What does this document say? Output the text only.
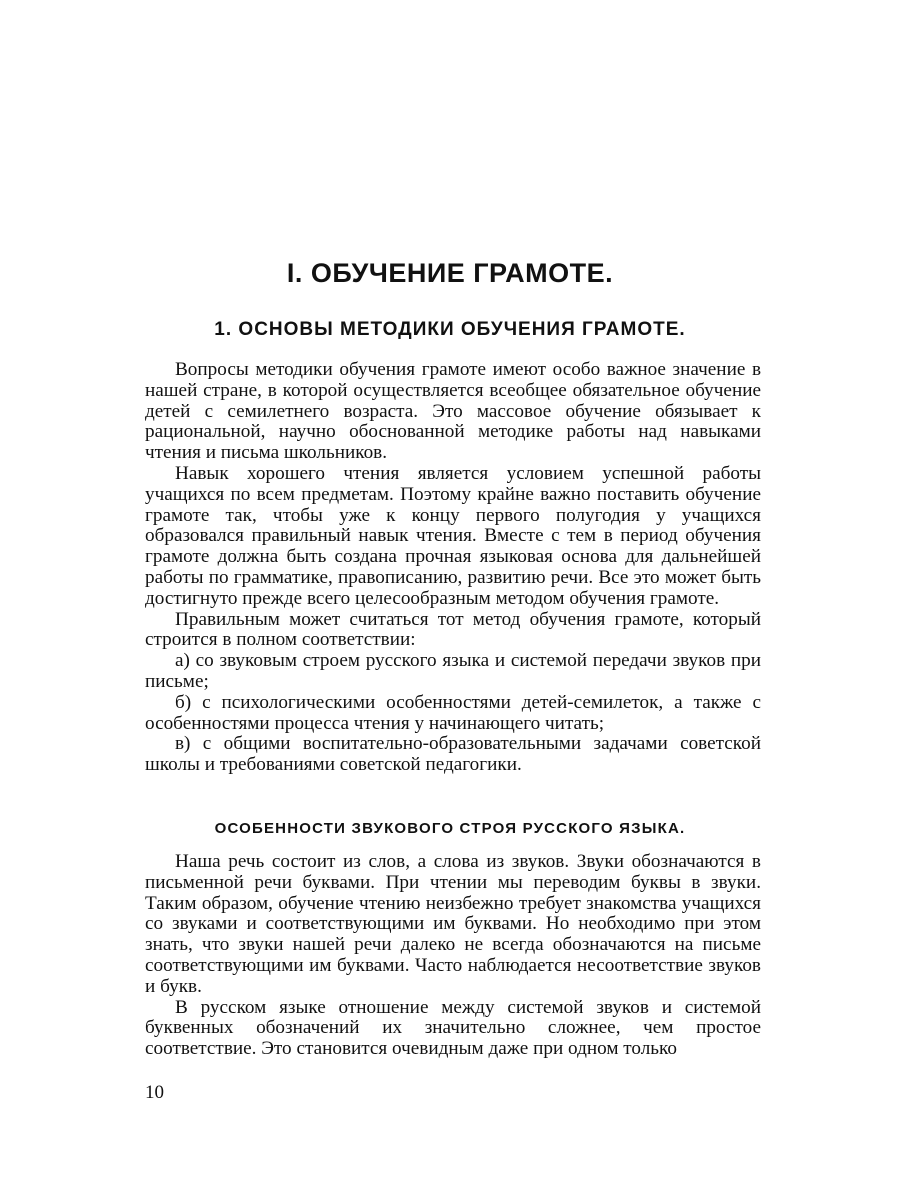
I. ОБУЧЕНИЕ ГРАМОТЕ.
1. ОСНОВЫ МЕТОДИКИ ОБУЧЕНИЯ ГРАМОТЕ.

Вопросы методики обучения грамоте имеют особо важное значение в нашей стране, в которой осуществляется всеобщее обязательное обучение детей с семилетнего возраста. Это массовое обучение обязывает к рациональной, научно обоснованной методике работы над навыками чтения и письма школьников.

Навык хорошего чтения является условием успешной работы учащихся по всем предметам. Поэтому крайне важно поставить обучение грамоте так, чтобы уже к концу первого полугодия у учащихся образовался правильный навык чтения. Вместе с тем в период обучения грамоте должна быть создана прочная языковая основа для дальнейшей работы по грамматике, правописанию, развитию речи. Все это может быть достигнуто прежде всего целесообразным методом обучения грамоте.

Правильным может считаться тот метод обучения грамоте, который строится в полном соответствии:

а) со звуковым строем русского языка и системой передачи звуков при письме;

б) с психологическими особенностями детей-семилеток, а также с особенностями процесса чтения у начинающего читать;

в) с общими воспитательно-образовательными задачами советской школы и требованиями советской педагогики.

ОСОБЕННОСТИ ЗВУКОВОГО СТРОЯ РУССКОГО ЯЗЫКА.

Наша речь состоит из слов, а слова из звуков. Звуки обозначаются в письменной речи буквами. При чтении мы переводим буквы в звуки. Таким образом, обучение чтению неизбежно требует знакомства учащихся со звуками и соответствующими им буквами. Но необходимо при этом знать, что звуки нашей речи далеко не всегда обозначаются на письме соответствующими им буквами. Часто наблюдается несоответствие звуков и букв.

В русском языке отношение между системой звуков и системой буквенных обозначений их значительно сложнее, чем простое соответствие. Это становится очевидным даже при одном только

10
